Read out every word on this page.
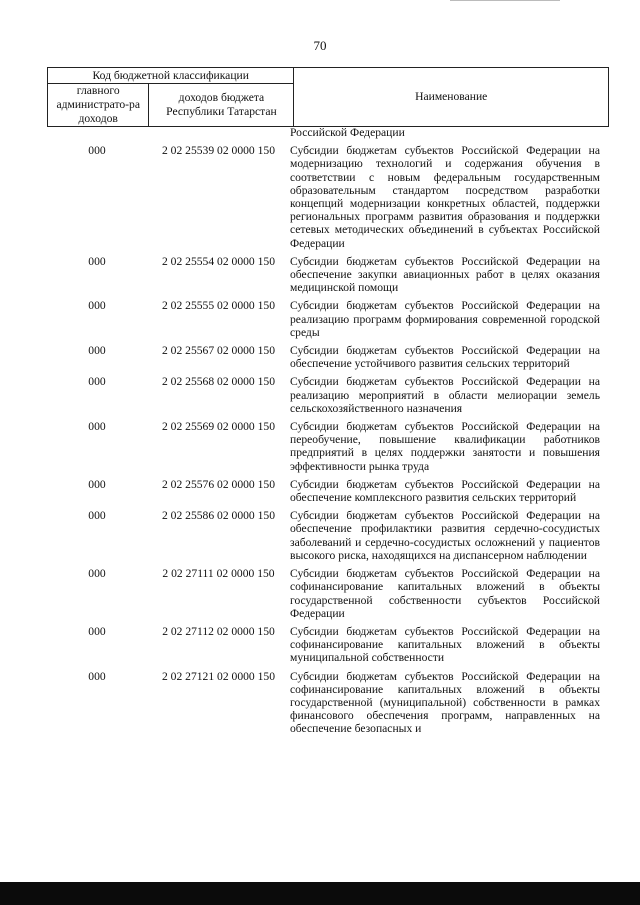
70
Код бюджетной классификации		Наименование
главного администрато-ра доходов	доходов бюджета Республики Татарстан	
Российской Федерации
000	2 02 25539 02 0000 150	Субсидии бюджетам субъектов Российской Федерации на модернизацию технологий и содержания обучения в соответствии с новым федеральным государственным образовательным стандартом посредством разработки концепций модернизации конкретных областей, поддержки региональных программ развития образования и поддержки сетевых методических объединений в субъектах Российской Федерации
000	2 02 25554 02 0000 150	Субсидии бюджетам субъектов Российской Федерации на обеспечение закупки авиационных работ в целях оказания медицинской помощи
000	2 02 25555 02 0000 150	Субсидии бюджетам субъектов Российской Федерации на реализацию программ формирования современной городской среды
000	2 02 25567 02 0000 150	Субсидии бюджетам субъектов Российской Федерации на обеспечение устойчивого развития сельских территорий
000	2 02 25568 02 0000 150	Субсидии бюджетам субъектов Российской Федерации на реализацию мероприятий в области мелиорации земель сельскохозяйственного назначения
000	2 02 25569 02 0000 150	Субсидии бюджетам субъектов Российской Федерации на переобучение, повышение квалификации работников предприятий в целях поддержки занятости и повышения эффективности рынка труда
000	2 02 25576 02 0000 150	Субсидии бюджетам субъектов Российской Федерации на обеспечение комплексного развития сельских территорий
000	2 02 25586 02 0000 150	Субсидии бюджетам субъектов Российской Федерации на обеспечение профилактики развития сердечно-сосудистых заболеваний и сердечно-сосудистых осложнений у пациентов высокого риска, находящихся на диспансерном наблюдении
000	2 02 27111 02 0000 150	Субсидии бюджетам субъектов Российской Федерации на софинансирование капитальных вложений в объекты государственной собственности субъектов Российской Федерации
000	2 02 27112 02 0000 150	Субсидии бюджетам субъектов Российской Федерации на софинансирование капитальных вложений в объекты муниципальной собственности
000	2 02 27121 02 0000 150	Субсидии бюджетам субъектов Российской Федерации на софинансирование капитальных вложений в объекты государственной (муниципальной) собственности в рамках финансового обеспечения программ, направленных на обеспечение безопасных и
